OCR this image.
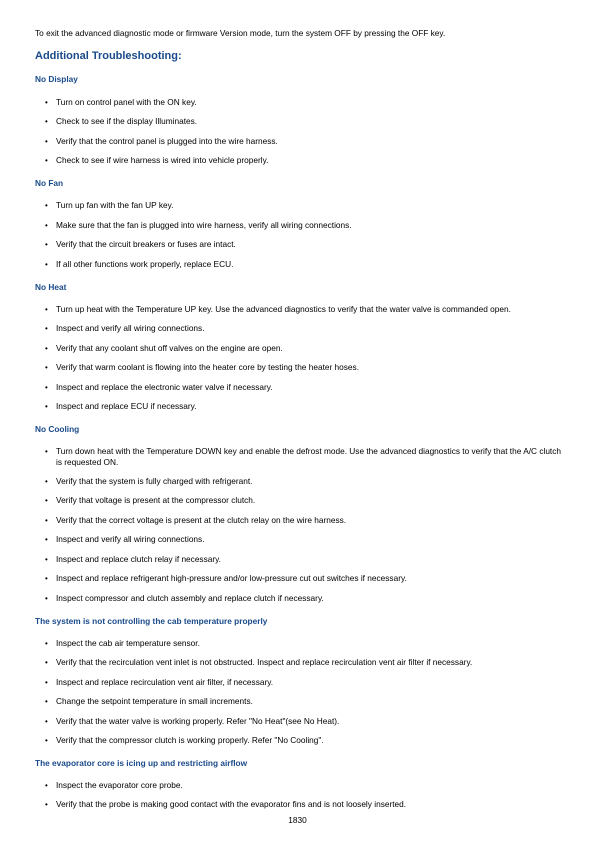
To exit the advanced diagnostic mode or firmware Version mode, turn the system OFF by pressing the OFF key.
Additional Troubleshooting:
No Display
• Turn on control panel with the ON key.
• Check to see if the display Illuminates.
• Verify that the control panel is plugged into the wire harness.
• Check to see if wire harness is wired into vehicle properly.
No Fan
• Turn up fan with the fan UP key.
• Make sure that the fan is plugged into wire harness, verify all wiring connections.
• Verify that the circuit breakers or fuses are intact.
• If all other functions work properly, replace ECU.
No Heat
• Turn up heat with the Temperature UP key. Use the advanced diagnostics to verify that the water valve is commanded open.
• Inspect and verify all wiring connections.
• Verify that any coolant shut off valves on the engine are open.
• Verify that warm coolant is flowing into the heater core by testing the heater hoses.
• Inspect and replace the electronic water valve if necessary.
• Inspect and replace ECU if necessary.
No Cooling
• Turn down heat with the Temperature DOWN key and enable the defrost mode. Use the advanced diagnostics to verify that the A/C clutch is requested ON.
• Verify that the system is fully charged with refrigerant.
• Verify that voltage is present at the compressor clutch.
• Verify that the correct voltage is present at the clutch relay on the wire harness.
• Inspect and verify all wiring connections.
• Inspect and replace clutch relay if necessary.
• Inspect and replace refrigerant high-pressure and/or low-pressure cut out switches if necessary.
• Inspect compressor and clutch assembly and replace clutch if necessary.
The system is not controlling the cab temperature properly
• Inspect the cab air temperature sensor.
• Verify that the recirculation vent inlet is not obstructed. Inspect and replace recirculation vent air filter if necessary.
• Inspect and replace recirculation vent air filter, if necessary.
• Change the setpoint temperature in small increments.
• Verify that the water valve is working properly. Refer "No Heat"(see No Heat).
• Verify that the compressor clutch is working properly. Refer "No Cooling".
The evaporator core is icing up and restricting airflow
• Inspect the evaporator core probe.
• Verify that the probe is making good contact with the evaporator fins and is not loosely inserted.
1830
